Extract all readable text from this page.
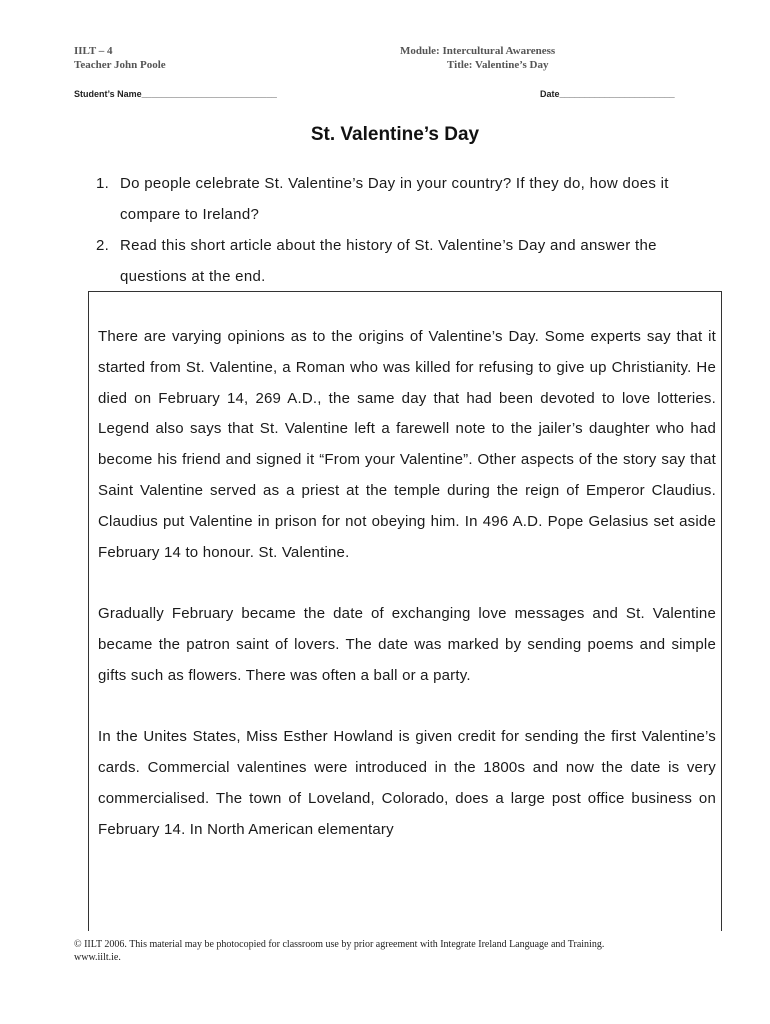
IILT – 4
Teacher John Poole
Module: Intercultural Awareness
Title: Valentine’s Day
Student’s Name___________________________	Date_______________________
St. Valentine’s Day
1. Do people celebrate St. Valentine’s Day in your country? If they do, how does it compare to Ireland?
2. Read this short article about the history of St. Valentine’s Day and answer the questions at the end.

There are varying opinions as to the origins of Valentine’s Day. Some experts say that it started from St. Valentine, a Roman who was killed for refusing to give up Christianity. He died on February 14, 269 A.D., the same day that had been devoted to love lotteries. Legend also says that St. Valentine left a farewell note to the jailer’s daughter who had become his friend and signed it “From your Valentine”. Other aspects of the story say that Saint Valentine served as a priest at the temple during the reign of Emperor Claudius. Claudius put Valentine in prison for not obeying him. In 496 A.D. Pope Gelasius set aside February 14 to honour. St. Valentine.

Gradually February became the date of exchanging love messages and St. Valentine became the patron saint of lovers. The date was marked by sending poems and simple gifts such as flowers. There was often a ball or a party.

In the Unites States, Miss Esther Howland is given credit for sending the first Valentine’s cards. Commercial valentines were introduced in the 1800s and now the date is very commercialised. The town of Loveland, Colorado, does a large post office business on February 14. In North American elementary

© IILT 2006. This material may be photocopied for classroom use by prior agreement with Integrate Ireland Language and Training.
www.iilt.ie.
